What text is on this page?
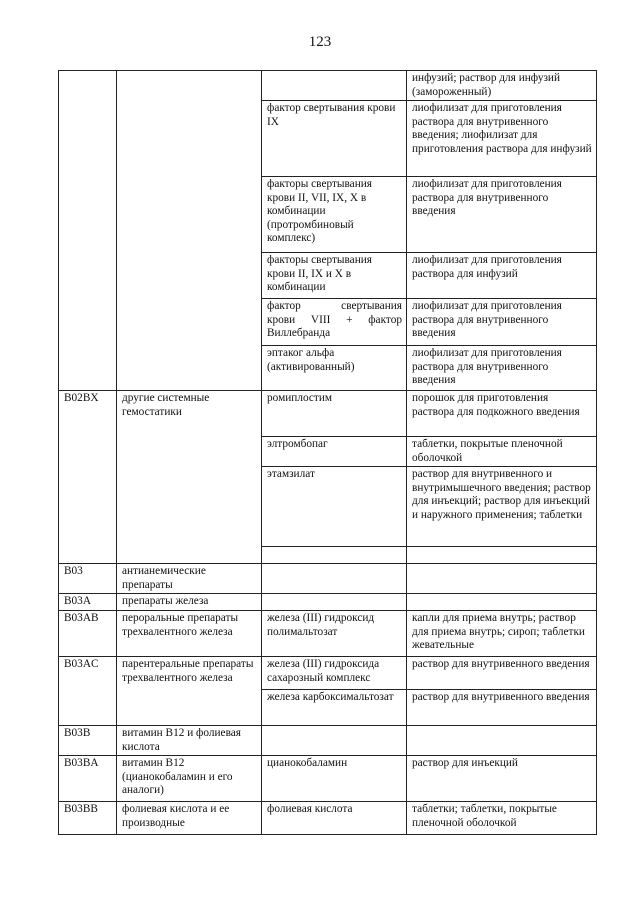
123
			инфузий; раствор для инфузий (замороженный)
		фактор свертывания крови IX	лиофилизат для приготовления раствора для внутривенного введения; лиофилизат для приготовления раствора для инфузий
		факторы свертывания крови II, VII, IX, X в комбинации (протромбиновый комплекс)	лиофилизат для приготовления раствора для внутривенного введения
		факторы свертывания крови II, IX и X в комбинации	лиофилизат для приготовления раствора для инфузий

		фактор свертывания
крови VIII + фактор
Виллебранда	лиофилизат для приготовления раствора для внутривенного введения
		эптаког альфа (активированный)	лиофилизат для приготовления раствора для внутривенного введения
B02BX	другие системные гемостатики	ромиплостим	порошок для приготовления раствора для подкожного введения
		элтромбопаг	таблетки, покрытые пленочной оболочкой
		этамзилат	раствор для внутривенного и внутримышечного введения; раствор для инъекций; раствор для инъекций и наружного применения; таблетки

B03	антианемические препараты		
B03A	препараты железа		
B03AB	пероральные препараты трехвалентного железа	железа (III) гидроксид полимальтозат	капли для приема внутрь; раствор для приема внутрь; сироп; таблетки жевательные
B03AC	парентеральные препараты трехвалентного железа	железа (III) гидроксида сахарозный комплекс	раствор для внутривенного введения
		железа карбоксимальтозат	раствор для внутривенного введения
B03B	витамин B12 и фолиевая кислота		
B03BA	витамин B12 (цианокобаламин и его аналоги)	цианокобаламин	раствор для инъекций
B03BB	фолиевая кислота и ее производные	фолиевая кислота	таблетки; таблетки, покрытые пленочной оболочкой
